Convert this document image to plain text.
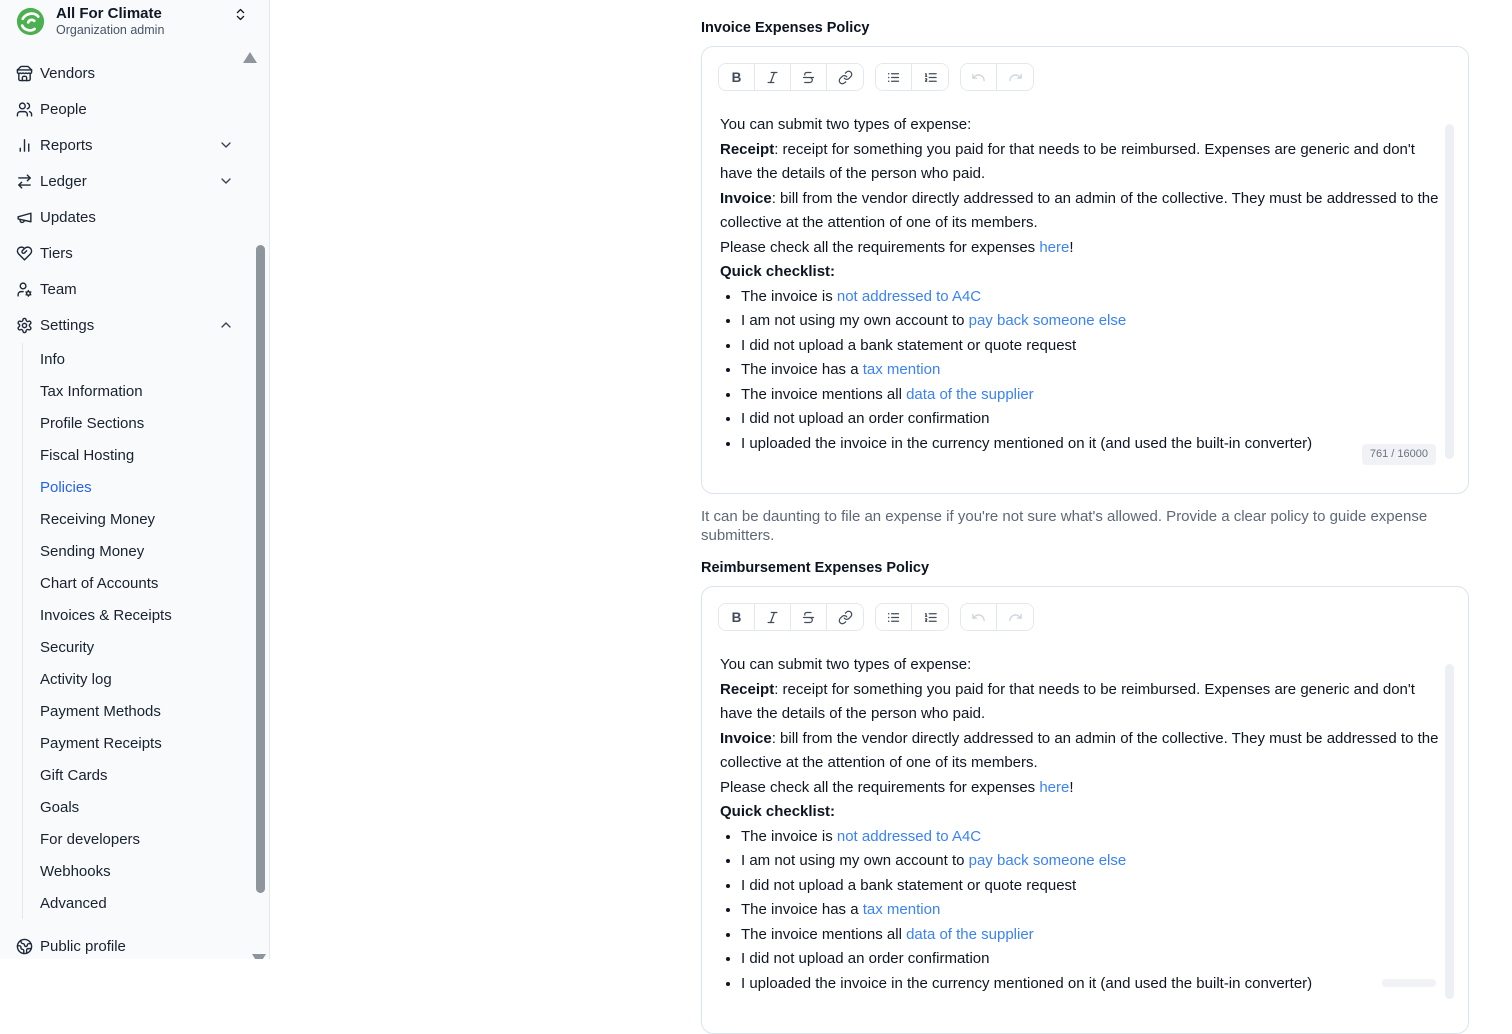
All For Climate
Organization admin
Vendors
People
Reports
Ledger
Updates
Tiers
Team
Settings
Info
Tax Information
Profile Sections
Fiscal Hosting
Policies
Receiving Money
Sending Money
Chart of Accounts
Invoices & Receipts
Security
Activity log
Payment Methods
Payment Receipts
Gift Cards
Goals
For developers
Webhooks
Advanced
Public profile
Invoice Expenses Policy
B

You can submit two types of expense:

Receipt: receipt for something you paid for that needs to be reimbursed. Expenses are generic and don't have the details of the person who paid.

Invoice: bill from the vendor directly addressed to an admin of the collective. They must be addressed to the collective at the attention of one of its members.

Please check all the requirements for expenses here!

Quick checklist:

• The invoice is not addressed to A4C
• I am not using my own account to pay back someone else
• I did not upload a bank statement or quote request
• The invoice has a tax mention
• The invoice mentions all data of the supplier
• I did not upload an order confirmation
• I uploaded the invoice in the currency mentioned on it (and used the built-in converter)
761 / 16000

It can be daunting to file an expense if you're not sure what's allowed. Provide a clear policy to guide expense submitters.

Reimbursement Expenses Policy
B

You can submit two types of expense:

Receipt: receipt for something you paid for that needs to be reimbursed. Expenses are generic and don't have the details of the person who paid.

Invoice: bill from the vendor directly addressed to an admin of the collective. They must be addressed to the collective at the attention of one of its members.

Please check all the requirements for expenses here!

Quick checklist:

• The invoice is not addressed to A4C
• I am not using my own account to pay back someone else
• I did not upload a bank statement or quote request
• The invoice has a tax mention
• The invoice mentions all data of the supplier
• I did not upload an order confirmation
• I uploaded the invoice in the currency mentioned on it (and used the built-in converter)
